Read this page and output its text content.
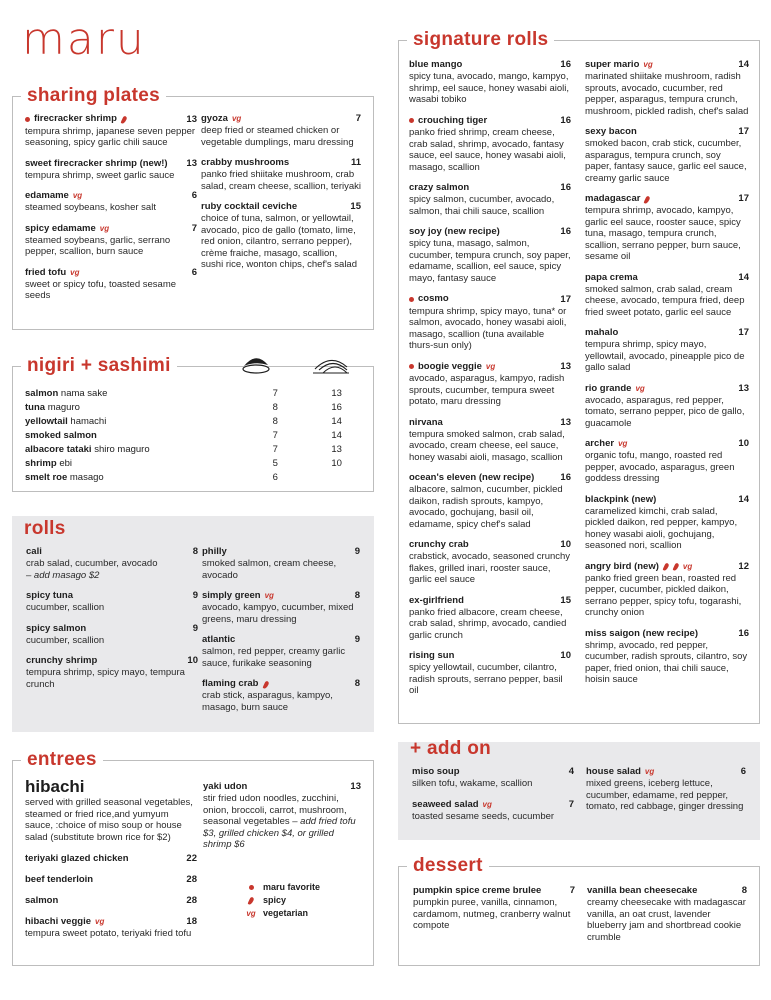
maru
sharing plates
firecracker shrimp	13
tempura shrimp, japanese seven pepper seasoning, spicy garlic chili sauce
sweet firecracker shrimp (new!) 13
tempura shrimp, sweet garlic sauce
edamame vg	6
steamed soybeans, kosher salt
spicy edamame vg	7
steamed soybeans, garlic, serrano pepper, scallion, burn sauce
fried tofu vg	6
sweet or spicy tofu, toasted sesame seeds
gyoza vg	7
deep fried or steamed chicken or vegetable dumplings, maru dressing
crabby mushrooms	11
panko fried shiitake mushroom, crab salad, cream cheese, scallion, teriyaki
ruby cocktail ceviche	15
choice of tuna, salmon, or yellowtail, avocado, pico de gallo (tomato, lime, red onion, cilantro, serrano pepper), crème fraiche, masago, scallion, sushi rice, wonton chips, chef's salad
nigiri + sashimi
salmon nama sake	7	13
tuna maguro	8	16
yellowtail hamachi	8	14
smoked salmon	7	14
albacore tataki shiro maguro	7	13
shrimp ebi	5	10
smelt roe masago	6
rolls
cali	8
crab salad, cucumber, avocado
– add masago $2
spicy tuna	9
cucumber, scallion
spicy salmon	9
cucumber, scallion
crunchy shrimp	10
tempura shrimp, spicy mayo, tempura crunch
philly	9
smoked salmon, cream cheese, avocado
simply green vg	8
avocado, kampyo, cucumber, mixed greens, maru dressing
atlantic	9
salmon, red pepper, creamy garlic sauce, furikake seasoning
flaming crab	8
crab stick, asparagus, kampyo, masago, burn sauce
entrees
hibachi
served with grilled seasonal vegetables, steamed or fried rice,and yumyum sauce, :choice of miso soup or house salad (substitute brown rice for $2)
teriyaki glazed chicken	22
beef tenderloin	28
salmon	28
hibachi veggie vg	18
tempura sweet potato, teriyaki fried tofu
yaki udon	13
stir fried udon noodles, zucchini, onion, broccoli, carrot, mushroom, seasonal vegetables – add fried tofu $3, grilled chicken $4, or grilled shrimp $6
maru favorite
spicy
vg vegetarian
signature rolls
blue mango	16
spicy tuna, avocado, mango, kampyo, shrimp, eel sauce, honey wasabi aioli, wasabi tobiko
crouching tiger	16
panko fried shrimp, cream cheese, crab salad, shrimp, avocado, fantasy sauce, eel sauce, honey wasabi aioli, masago, scallion
crazy salmon	16
spicy salmon, cucumber, avocado, salmon, thai chili sauce, scallion
soy joy (new recipe)	16
spicy tuna, masago, salmon, cucumber, tempura crunch, soy paper, edamame, scallion, eel sauce, spicy mayo, fantasy sauce
cosmo	17
tempura shrimp, spicy mayo, tuna* or salmon, avocado, honey wasabi aioli, masago, scallion (tuna available thurs-sun only)
boogie veggie vg	13
avocado, asparagus, kampyo, radish sprouts, cucumber, tempura sweet potato, maru dressing
nirvana	13
tempura smoked salmon, crab salad, avocado, cream cheese, eel sauce, honey wasabi aioli, masago, scallion
ocean's eleven (new recipe)	16
albacore, salmon, cucumber, pickled daikon, radish sprouts, kampyo, avocado, gochujang, basil oil, edamame, spicy chef's salad
crunchy crab	10
crabstick, avocado, seasoned crunchy flakes, grilled inari, rooster sauce, garlic eel sauce
ex-girlfriend	15
panko fried albacore, cream cheese, crab salad, shrimp, avocado, candied garlic crunch
rising sun	10
spicy yellowtail, cucumber, cilantro, radish sprouts, serrano pepper, basil oil
super mario vg	14
marinated shiitake mushroom, radish sprouts, avocado, cucumber, red pepper, asparagus, tempura crunch, mushroom, pickled radish, chef's salad
sexy bacon	17
smoked bacon, crab stick, cucumber, asparagus, tempura crunch, soy paper, fantasy sauce, garlic eel sauce, creamy garlic sauce
madagascar	17
tempura shrimp, avocado, kampyo, garlic eel sauce, rooster sauce, spicy tuna, masago, tempura crunch, scallion, serrano pepper, burn sauce, sesame oil
papa crema	14
smoked salmon, crab salad, cream cheese, avocado, tempura fried, deep fried sweet potato, garlic eel sauce
mahalo	17
tempura shrimp, spicy mayo, yellowtail, avocado, pineapple pico de gallo salad
rio grande vg	13
avocado, asparagus, red pepper, tomato, serrano pepper, pico de gallo, guacamole
archer vg	10
organic tofu, mango, roasted red pepper, avocado, asparagus, green goddess dressing
blackpink (new)	14
caramelized kimchi, crab salad, pickled daikon, red pepper, kampyo, honey wasabi aioli, gochujang, seasoned nori, scallion
angry bird (new)	vg	12
panko fried green bean, roasted red pepper, cucumber, pickled daikon, serrano pepper, spicy tofu, togarashi, crunchy onion
miss saigon (new recipe)	16
shrimp, avocado, red pepper, cucumber, radish sprouts, cilantro, soy paper, fried onion, thai chili sauce, hoisin sauce
+ add on
miso soup	4
silken tofu, wakame, scallion
seaweed salad vg	7
toasted sesame seeds, cucumber
house salad vg	6
mixed greens, iceberg lettuce, cucumber, edamame, red pepper, tomato, red cabbage, ginger dressing
dessert
pumpkin spice creme brulee	7
pumpkin puree, vanilla, cinnamon, cardamom, nutmeg, cranberry walnut compote
vanilla bean cheesecake	8
creamy cheesecake with madagascar vanilla, an oat crust, lavender blueberry jam and shortbread cookie crumble
